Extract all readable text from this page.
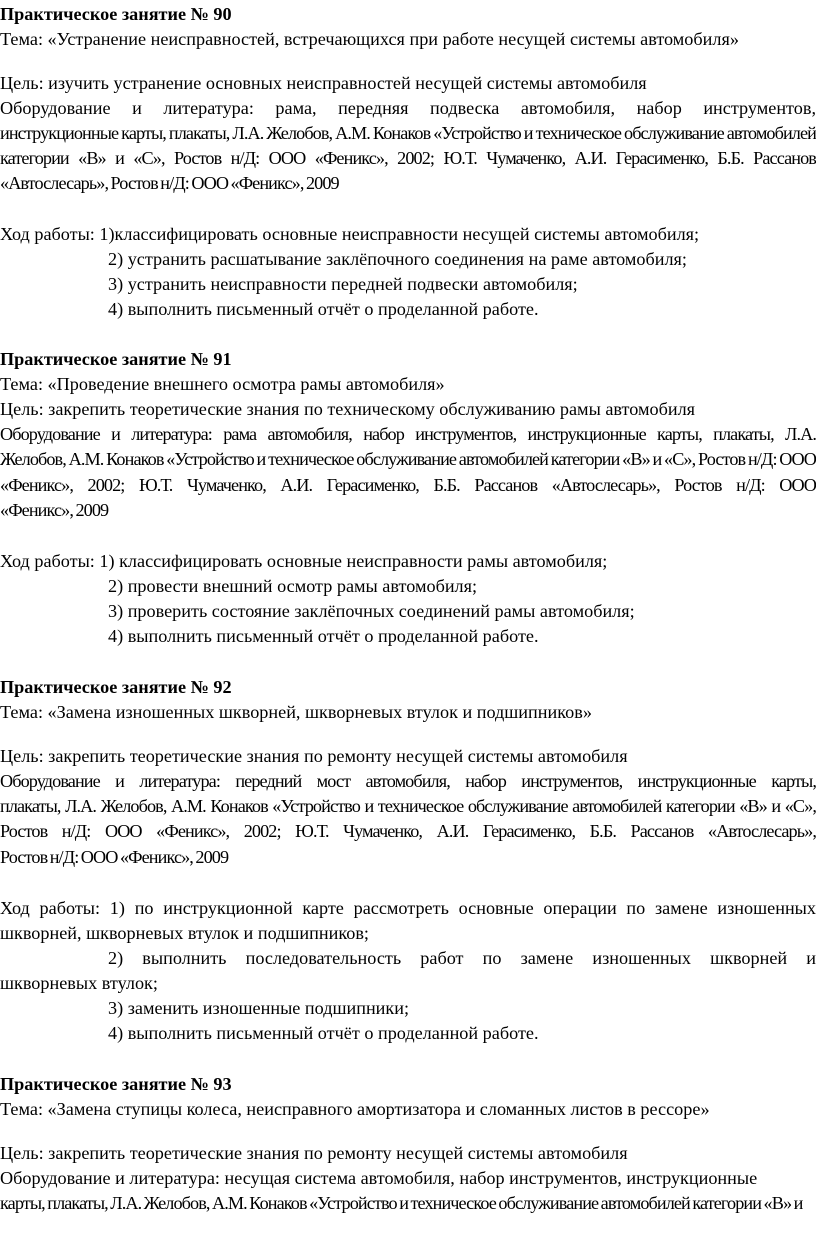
Практическое занятие № 90
Тема: «Устранение неисправностей, встречающихся при работе несущей системы автомобиля»
Цель: изучить устранение основных неисправностей несущей системы автомобиля
Оборудование и литература: рама, передняя подвеска автомобиля, набор инструментов,
инструкционные карты, плакаты, Л.А. Желобов, А.М. Конаков «Устройство и техническое обслуживание автомобилей
категории «В» и «С», Ростов н/Д: ООО «Феникс», 2002; Ю.Т. Чумаченко, А.И. Герасименко, Б.Б. Рассанов
«Автослесарь», Ростов н/Д: ООО «Феникс», 2009
Ход работы: 1)классифицировать основные неисправности несущей системы автомобиля;
2) устранить расшатывание заклёпочного соединения на раме автомобиля;
3) устранить неисправности передней подвески автомобиля;
4) выполнить письменный отчёт о проделанной работе.
Практическое занятие № 91
Тема: «Проведение внешнего осмотра рамы автомобиля»
Цель: закрепить теоретические знания по техническому обслуживанию рамы автомобиля
Оборудование и литература: рама автомобиля, набор инструментов, инструкционные карты, плакаты, Л.А.
Желобов, А.М. Конаков «Устройство и техническое обслуживание автомобилей категории «В» и «С», Ростов н/Д: ООО
«Феникс», 2002; Ю.Т. Чумаченко, А.И. Герасименко, Б.Б. Рассанов «Автослесарь», Ростов н/Д: ООО
«Феникс», 2009
Ход работы: 1) классифицировать основные неисправности рамы автомобиля;
2) провести внешний осмотр рамы автомобиля;
3) проверить состояние заклёпочных соединений рамы автомобиля;
4) выполнить письменный отчёт о проделанной работе.
Практическое занятие № 92
Тема: «Замена изношенных шкворней, шкворневых втулок и подшипников»
Цель: закрепить теоретические знания по ремонту несущей системы автомобиля
Оборудование и литература: передний мост автомобиля, набор инструментов, инструкционные карты,
плакаты, Л.А. Желобов, А.М. Конаков «Устройство и техническое обслуживание автомобилей категории «В» и «С»,
Ростов н/Д: ООО «Феникс», 2002; Ю.Т. Чумаченко, А.И. Герасименко, Б.Б. Рассанов «Автослесарь»,
Ростов н/Д: ООО «Феникс», 2009
Ход работы: 1) по инструкционной карте рассмотреть основные операции по замене изношенных
шкворней, шкворневых втулок и подшипников;
2) выполнить последовательность работ по замене изношенных шкворней и
шкворневых втулок;
3) заменить изношенные подшипники;
4) выполнить письменный отчёт о проделанной работе.
Практическое занятие № 93
Тема: «Замена ступицы колеса, неисправного амортизатора и сломанных листов в рессоре»
Цель: закрепить теоретические знания по ремонту несущей системы автомобиля
Оборудование и литература: несущая система автомобиля, набор инструментов, инструкционные
карты, плакаты, Л.А. Желобов, А.М. Конаков «Устройство и техническое обслуживание автомобилей категории «В» и
